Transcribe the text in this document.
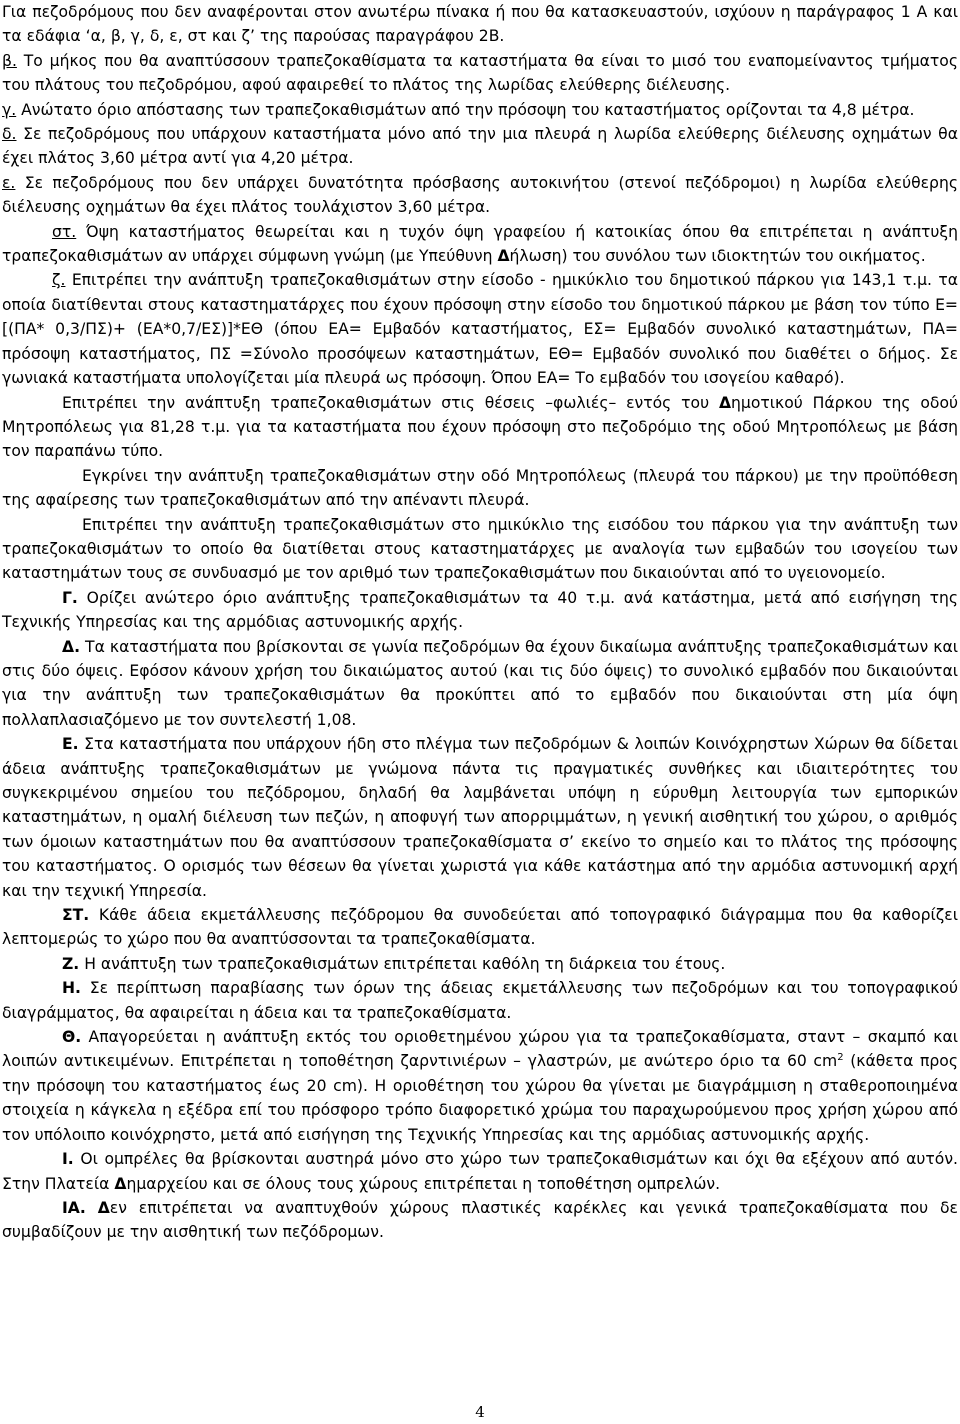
Για πεζοδρόμους που δεν αναφέρονται στον ανωτέρω πίνακα ή που θα κατασκευαστούν, ισχύουν η παράγραφος 1 Α και τα εδάφια ‘α, β, γ, δ, ε, στ και ζ’ της παρούσας παραγράφου 2Β.

β. Το μήκος που θα αναπτύσσουν τραπεζοκαθίσματα τα καταστήματα θα είναι το μισό του εναπομείναντος τμήματος του πλάτους του πεζοδρόμου, αφού αφαιρεθεί το πλάτος της λωρίδας ελεύθερης διέλευσης.

γ. Ανώτατο όριο απόστασης των τραπεζοκαθισμάτων από την πρόσοψη του καταστήματος ορίζονται τα 4,8 μέτρα.

δ. Σε πεζοδρόμους που υπάρχουν καταστήματα μόνο από την μια πλευρά η λωρίδα ελεύθερης διέλευσης οχημάτων θα έχει πλάτος 3,60 μέτρα αντί για 4,20 μέτρα.

ε. Σε πεζοδρόμους που δεν υπάρχει δυνατότητα πρόσβασης αυτοκινήτου (στενοί πεζόδρομοι) η λωρίδα ελεύθερης διέλευσης οχημάτων θα έχει πλάτος τουλάχιστον 3,60 μέτρα.

στ. Όψη καταστήματος θεωρείται και η τυχόν όψη γραφείου ή κατοικίας όπου θα επιτρέπεται η ανάπτυξη τραπεζοκαθισμάτων αν υπάρχει σύμφωνη γνώμη (με Υπεύθυνη Δήλωση) του συνόλου των ιδιοκτητών του οικήματος.

ζ. Επιτρέπει την ανάπτυξη τραπεζοκαθισμάτων στην είσοδο - ημικύκλιο του δημοτικού πάρκου για 143,1 τ.μ. τα οποία διατίθενται στους καταστηματάρχες που έχουν πρόσοψη στην είσοδο του δημοτικού πάρκου με βάση τον τύπο Ε= [(ΠΑ* 0,3/ΠΣ)+ (ΕΑ*0,7/ΕΣ)]*ΕΘ (όπου ΕΑ= Εμβαδόν καταστήματος, ΕΣ= Εμβαδόν συνολικό καταστημάτων, ΠΑ= πρόσοψη καταστήματος, ΠΣ =Σύνολο προσόψεων καταστημάτων, ΕΘ= Εμβαδόν συνολικό που διαθέτει ο δήμος. Σε γωνιακά καταστήματα υπολογίζεται μία πλευρά ως πρόσοψη. Όπου ΕΑ= Το εμβαδόν του ισογείου καθαρό).

Επιτρέπει την ανάπτυξη τραπεζοκαθισμάτων στις θέσεις –φωλιές– εντός του Δημοτικού Πάρκου της οδού Μητροπόλεως για 81,28 τ.μ. για τα καταστήματα που έχουν πρόσοψη στο πεζοδρόμιο της οδού Μητροπόλεως με βάση τον παραπάνω τύπο.

Εγκρίνει την ανάπτυξη τραπεζοκαθισμάτων στην οδό Μητροπόλεως (πλευρά του πάρκου) με την προϋπόθεση της αφαίρεσης των τραπεζοκαθισμάτων από την απέναντι πλευρά.

Επιτρέπει την ανάπτυξη τραπεζοκαθισμάτων στο ημικύκλιο της εισόδου του πάρκου για την ανάπτυξη των τραπεζοκαθισμάτων το οποίο θα διατίθεται στους καταστηματάρχες με αναλογία των εμβαδών του ισογείου των καταστημάτων τους σε συνδυασμό με τον αριθμό των τραπεζοκαθισμάτων που δικαιούνται από το υγειονομείο.

Γ. Ορίζει ανώτερο όριο ανάπτυξης τραπεζοκαθισμάτων τα 40 τ.μ. ανά κατάστημα, μετά από εισήγηση της Τεχνικής Υπηρεσίας και της αρμόδιας αστυνομικής αρχής.

Δ. Τα καταστήματα που βρίσκονται σε γωνία πεζοδρόμων θα έχουν δικαίωμα ανάπτυξης τραπεζοκαθισμάτων και στις δύο όψεις. Εφόσον κάνουν χρήση του δικαιώματος αυτού (και τις δύο όψεις) το συνολικό εμβαδόν που δικαιούνται για την ανάπτυξη των τραπεζοκαθισμάτων θα προκύπτει από το εμβαδόν που δικαιούνται στη μία όψη πολλαπλασιαζόμενο με τον συντελεστή 1,08.

Ε. Στα καταστήματα που υπάρχουν ήδη στο πλέγμα των πεζοδρόμων & λοιπών Κοινόχρηστων Χώρων θα δίδεται άδεια ανάπτυξης τραπεζοκαθισμάτων με γνώμονα πάντα τις πραγματικές συνθήκες και ιδιαιτερότητες του συγκεκριμένου σημείου του πεζόδρομου, δηλαδή θα λαμβάνεται υπόψη η εύρυθμη λειτουργία των εμπορικών καταστημάτων, η ομαλή διέλευση των πεζών, η αποφυγή των απορριμμάτων, η γενική αισθητική του χώρου, ο αριθμός των όμοιων καταστημάτων που θα αναπτύσσουν τραπεζοκαθίσματα σ’ εκείνο το σημείο και το πλάτος της πρόσοψης του καταστήματος. Ο ορισμός των θέσεων θα γίνεται χωριστά για κάθε κατάστημα από την αρμόδια αστυνομική αρχή και την τεχνική Υπηρεσία.

ΣΤ. Κάθε άδεια εκμετάλλευσης πεζόδρομου θα συνοδεύεται από τοπογραφικό διάγραμμα που θα καθορίζει λεπτομερώς το χώρο που θα αναπτύσσονται τα τραπεζοκαθίσματα.

Ζ. Η ανάπτυξη των τραπεζοκαθισμάτων επιτρέπεται καθόλη τη διάρκεια του έτους.

Η. Σε περίπτωση παραβίασης των όρων της άδειας εκμετάλλευσης των πεζοδρόμων και του τοπογραφικού διαγράμματος, θα αφαιρείται η άδεια και τα τραπεζοκαθίσματα.

Θ. Απαγορεύεται η ανάπτυξη εκτός του οριοθετημένου χώρου για τα τραπεζοκαθίσματα, σταντ – σκαμπό και λοιπών αντικειμένων. Επιτρέπεται η τοποθέτηση ζαρντινιέρων – γλαστρών, με ανώτερο όριο τα 60 $cm^2$ (κάθετα προς την πρόσοψη του καταστήματος έως 20 cm). Η οριοθέτηση του χώρου θα γίνεται με διαγράμμιση η σταθεροποιημένα στοιχεία η κάγκελα η εξέδρα επί του πρόσφορο τρόπο διαφορετικό χρώμα του παραχωρούμενου προς χρήση χώρου από τον υπόλοιπο κοινόχρηστο, μετά από εισήγηση της Τεχνικής Υπηρεσίας και της αρμόδιας αστυνομικής αρχής.

Ι. Οι ομπρέλες θα βρίσκονται αυστηρά μόνο στο χώρο των τραπεζοκαθισμάτων και όχι θα εξέχουν από αυτόν. Στην Πλατεία Δημαρχείου και σε όλους τους χώρους επιτρέπεται η τοποθέτηση ομπρελών.

ΙΑ. Δεν επιτρέπεται να αναπτυχθούν χώρους πλαστικές καρέκλες και γενικά τραπεζοκαθίσματα που δε συμβαδίζουν με την αισθητική των πεζόδρομων.

4
